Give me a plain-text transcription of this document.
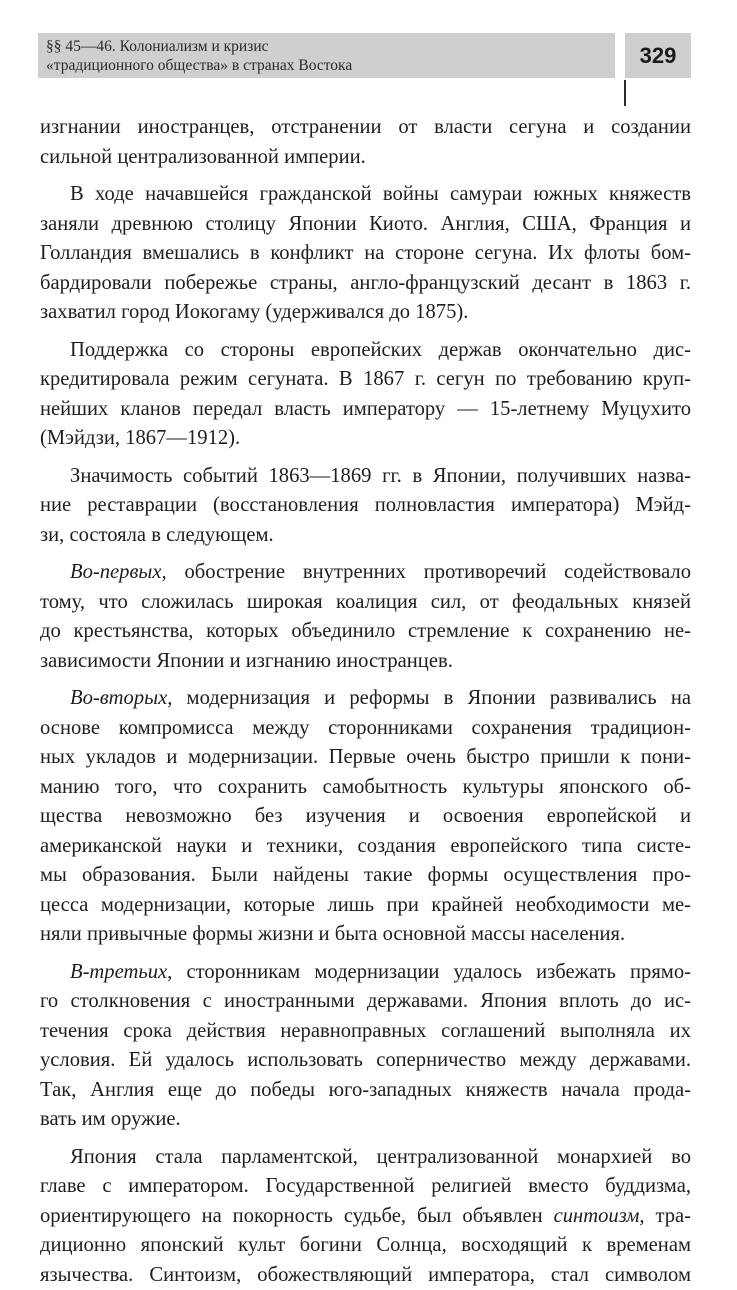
§§ 45—46. Колониализм и кризис
«традиционного общества» в странах Востока	329
изгнании иностранцев, отстранении от власти сегуна и создании
сильной централизованной империи.
В ходе начавшейся гражданской войны самураи южных княжеств
заняли древнюю столицу Японии Киото. Англия, США, Франция и
Голландия вмешались в конфликт на стороне сегуна. Их флоты бом-
бардировали побережье страны, англо-французский десант в 1863 г.
захватил город Иокогаму (удерживался до 1875).
Поддержка со стороны европейских держав окончательно дис-
кредитировала режим сегуната. В 1867 г. сегун по требованию круп-
нейших кланов передал власть императору — 15-летнему Муцухито
(Мэйдзи, 1867—1912).
Значимость событий 1863—1869 гг. в Японии, получивших назва-
ние реставрации (восстановления полновластия императора) Мэйд-
зи, состояла в следующем.
Во-первых, обострение внутренних противоречий содействовало
тому, что сложилась широкая коалиция сил, от феодальных князей
до крестьянства, которых объединило стремление к сохранению не-
зависимости Японии и изгнанию иностранцев.
Во-вторых, модернизация и реформы в Японии развивались на
основе компромисса между сторонниками сохранения традицион-
ных укладов и модернизации. Первые очень быстро пришли к пони-
манию того, что сохранить самобытность культуры японского об-
щества невозможно без изучения и освоения европейской и
американской науки и техники, создания европейского типа систе-
мы образования. Были найдены такие формы осуществления про-
цесса модернизации, которые лишь при крайней необходимости ме-
няли привычные формы жизни и быта основной массы населения.
В-третьих, сторонникам модернизации удалось избежать прямо-
го столкновения с иностранными державами. Япония вплоть до ис-
течения срока действия неравноправных соглашений выполняла их
условия. Ей удалось использовать соперничество между державами.
Так, Англия еще до победы юго-западных княжеств начала прода-
вать им оружие.
Япония стала парламентской, централизованной монархией во
главе с императором. Государственной религией вместо буддизма,
ориентирующего на покорность судьбе, был объявлен синтоизм, тра-
диционно японский культ богини Солнца, восходящий к временам
язычества. Синтоизм, обожествляющий императора, стал символом
